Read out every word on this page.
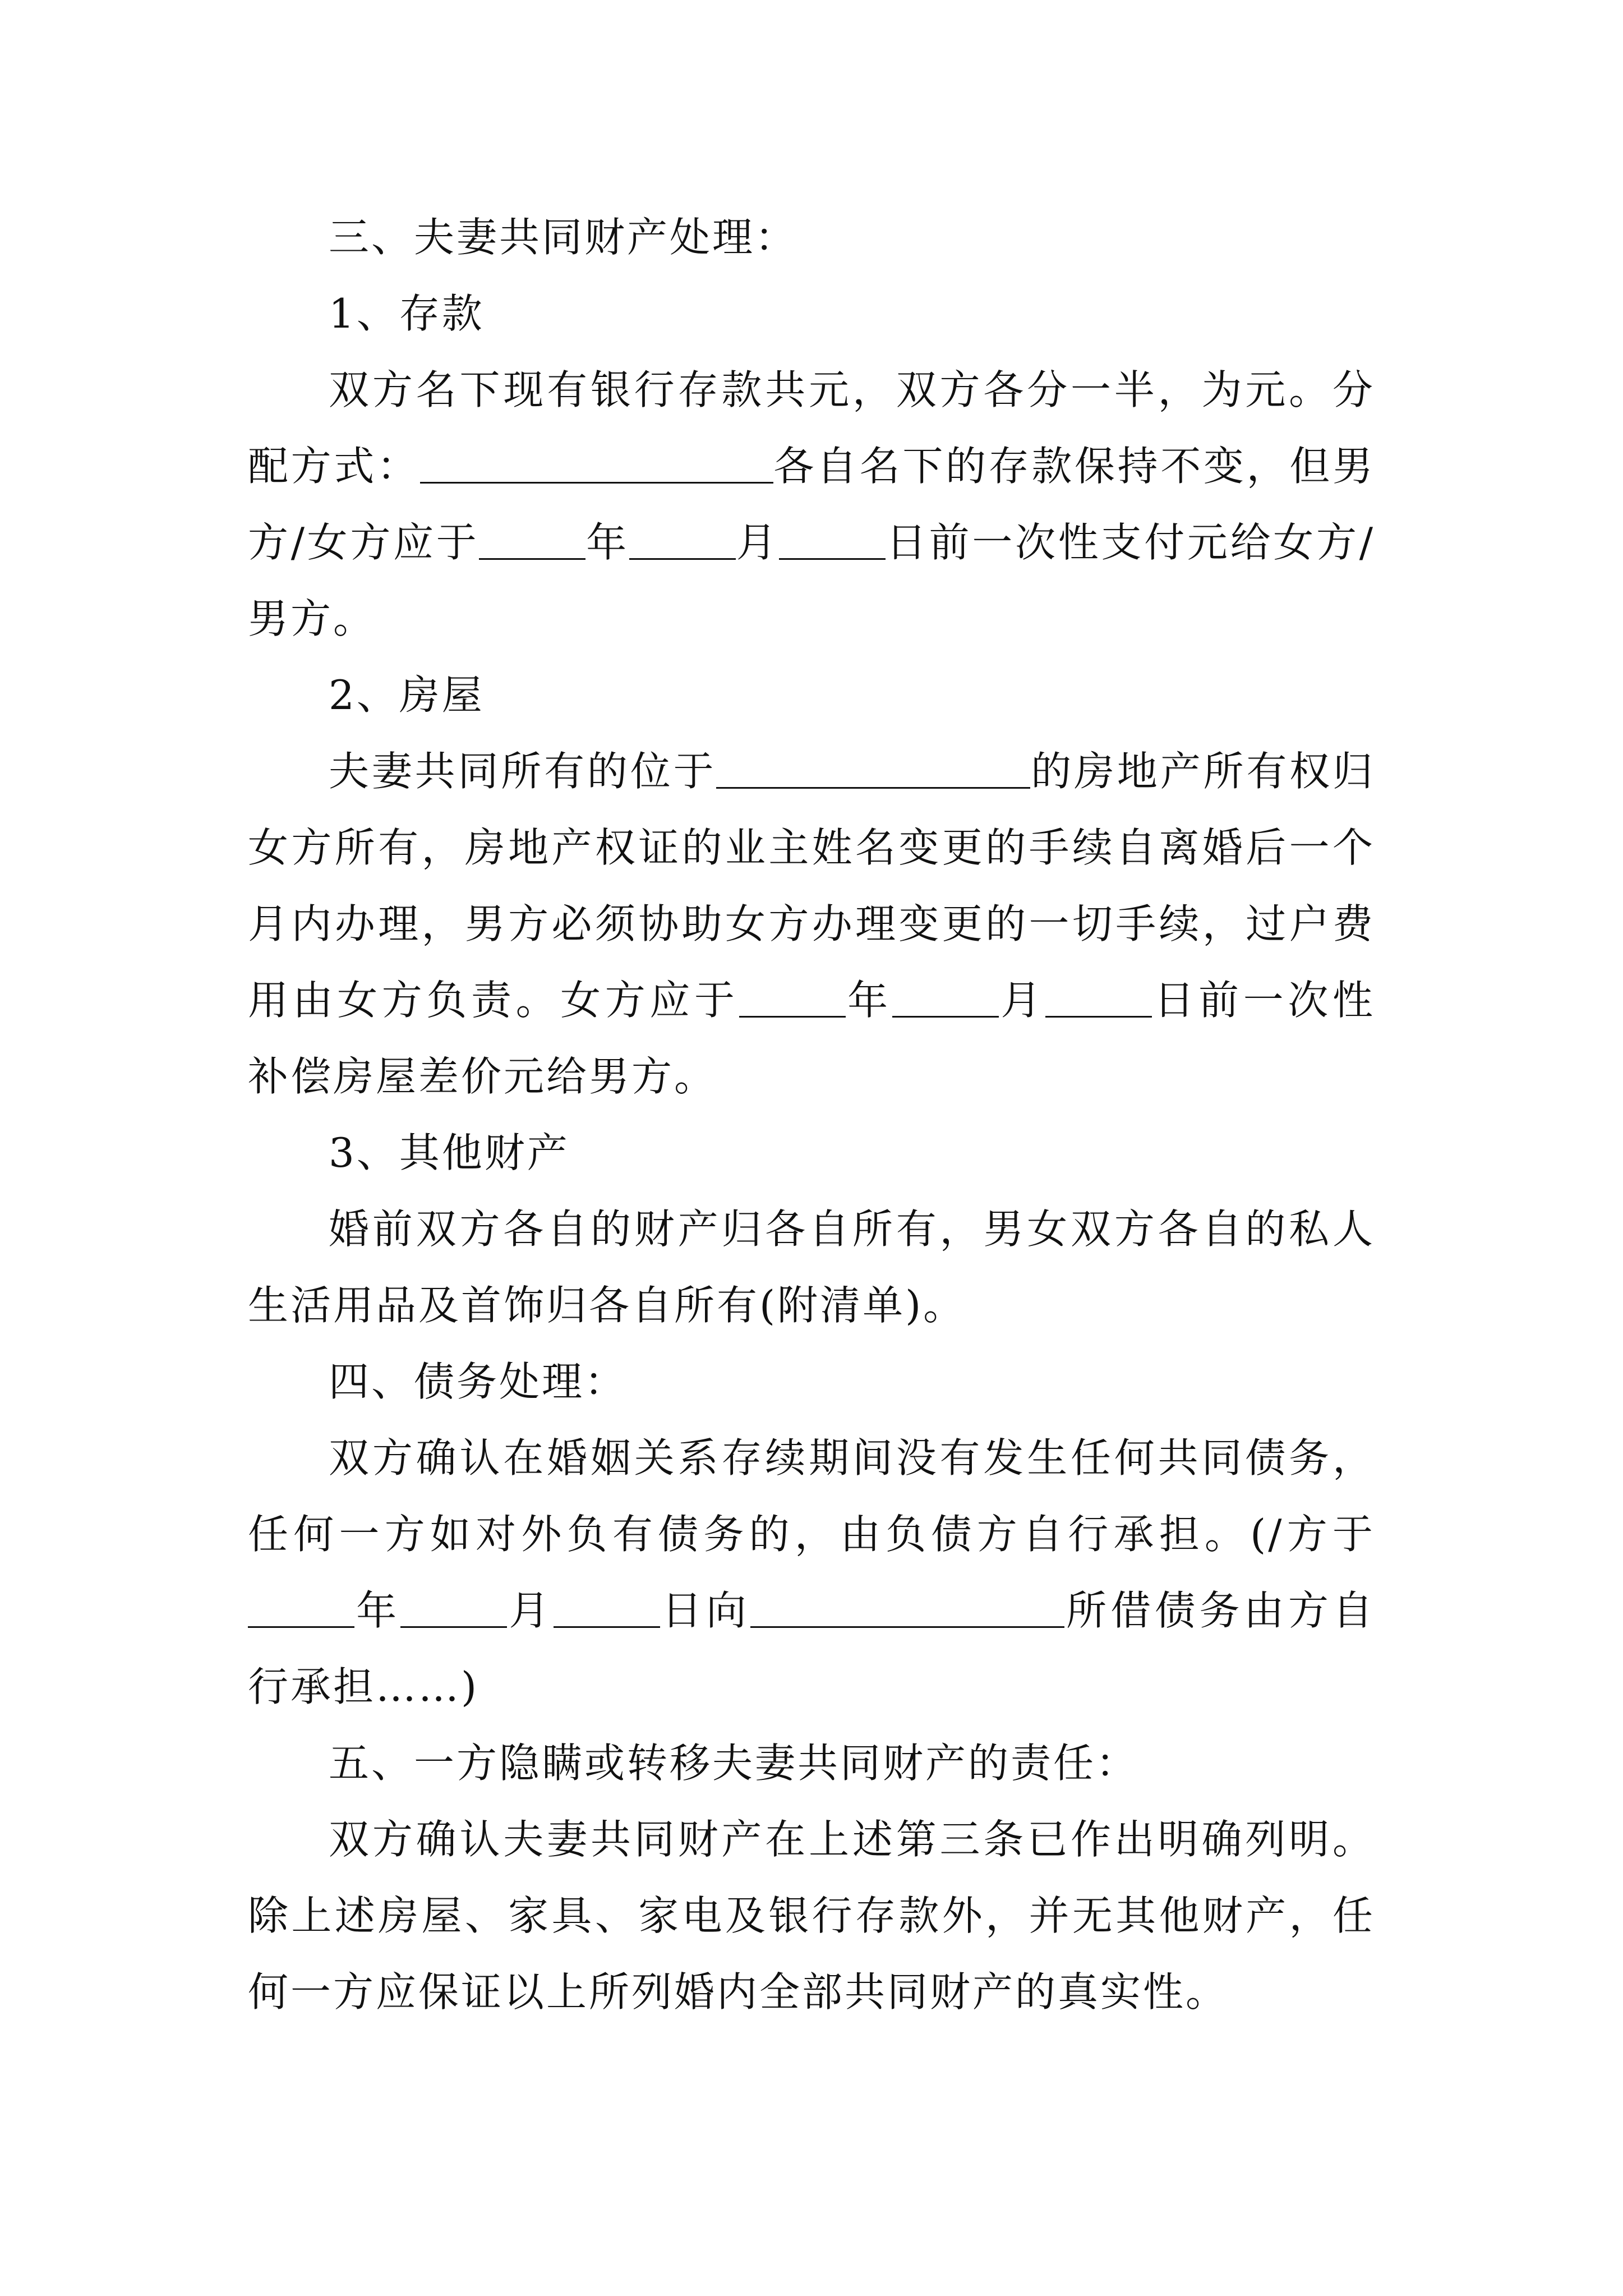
三、夫妻共同财产处理：

1、存款

双方名下现有银行存款共元，双方各分一半，为元。分配方式：	各自名下的存款保持不变，但男方/女方应于	年	月	日前一次性支付元给女方/男方。

2、房屋

夫妻共同所有的位于	的房地产所有权归女方所有，房地产权证的业主姓名变更的手续自离婚后一个月内办理，男方必须协助女方办理变更的一切手续，过户费用由女方负责。女方应于	年	月	日前一次性补偿房屋差价元给男方。

3、其他财产

婚前双方各自的财产归各自所有，男女双方各自的私人生活用品及首饰归各自所有(附清单)。

四、债务处理：

双方确认在婚姻关系存续期间没有发生任何共同债务，任何一方如对外负有债务的，由负债方自行承担。(/方于年	月	日向	所借债务由方自行承担……)

五、一方隐瞒或转移夫妻共同财产的责任：

双方确认夫妻共同财产在上述第三条已作出明确列明。除上述房屋、家具、家电及银行存款外，并无其他财产，任何一方应保证以上所列婚内全部共同财产的真实性。
